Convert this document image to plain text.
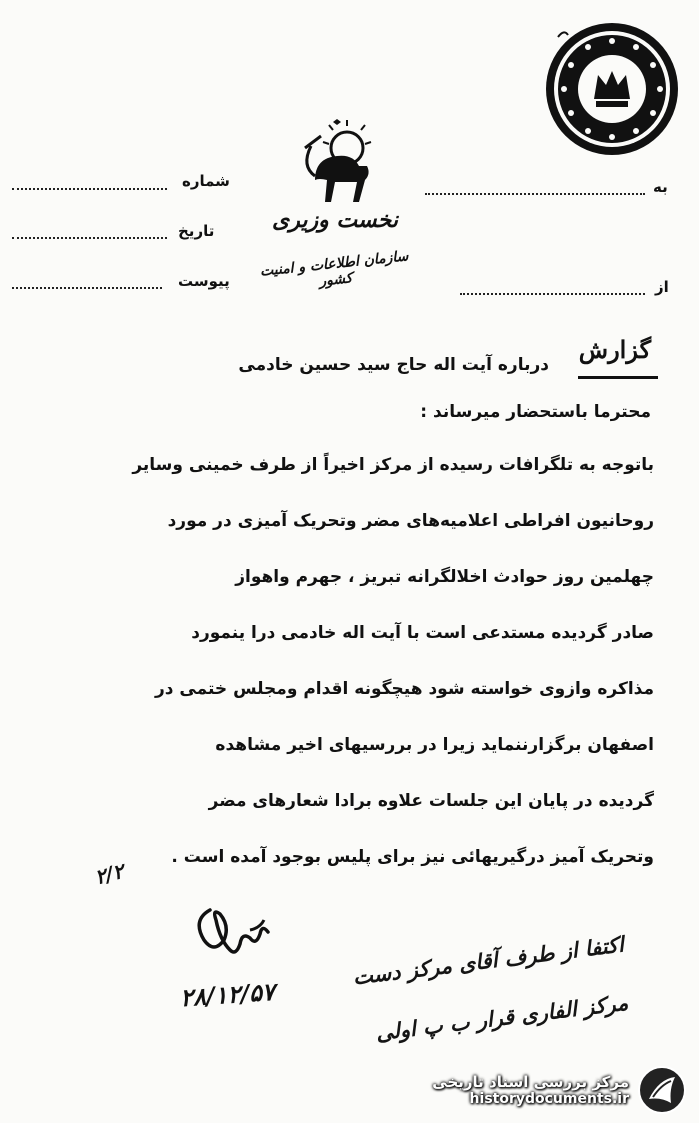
نخست وزیری
سازمان اطلاعات و امنیت کشور
شماره
تاریخ
پیوست
به
از
گزارش
درباره آیت اله حاج سید حسین خادمی
محترما باستحضار میرساند :
باتوجه به تلگرافات رسیده از مرکز اخیراً از طرف خمینی وسایر
روحانیون افراطی اعلامیه‌های مضر وتحریک آمیزی در مورد
چهلمین روز حوادث اخلالگرانه تبریز ، جهرم واهواز
صادر گردیده مستدعی است با آیت اله خادمی درا ینمورد
مذاکره وازوی خواسته شود هیچگونه اقدام ومجلس ختمی در
اصفهان برگزارننماید زیرا در بررسیهای اخیر مشاهده
گردیده در پایان این جلسات علاوه برادا شعارهای مضر
وتحریک آمیز درگیریهائی نیز برای پلیس بوجود آمده است .
۲/۲
۲۸/۱۲/۵۷
اکتفا از طرف آقای مرکز دست
مرکز الفاری قرار ب پ اولی
مرکز بررسی اسناد تاریخی
historydocuments.ir
